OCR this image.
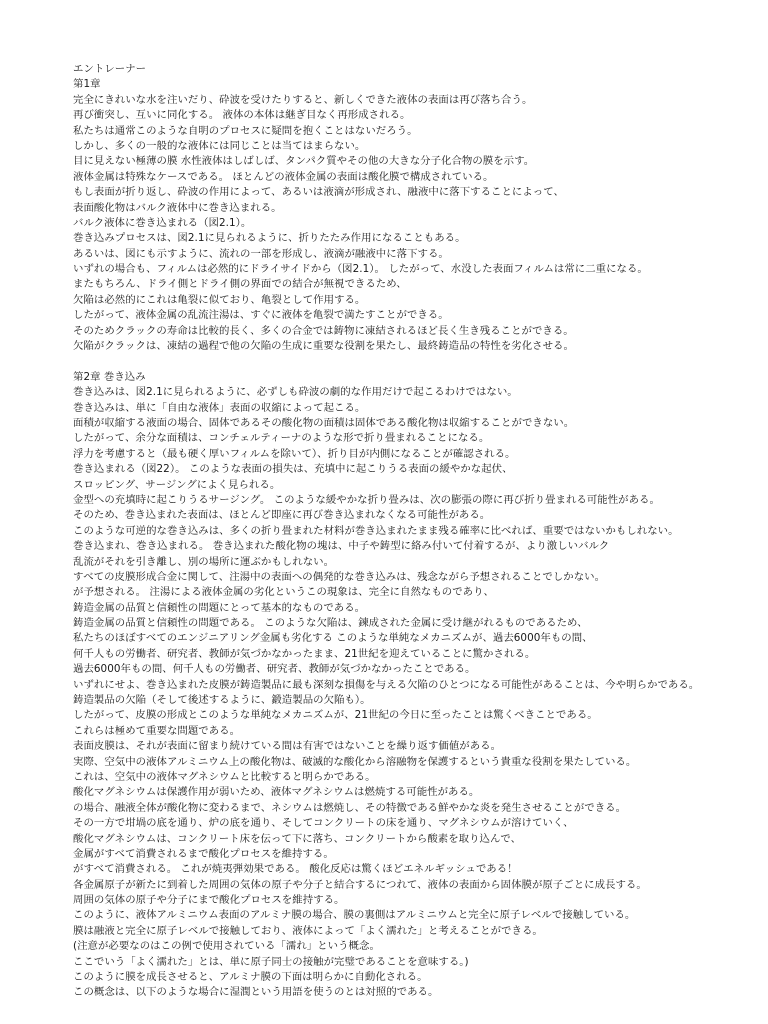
エントレーナー
第1章
完全にきれいな水を注いだり、砕波を受けたりすると、新しくできた液体の表面は再び落ち合う。
再び衝突し、互いに同化する。 液体の本体は継ぎ目なく再形成される。
私たちは通常このような自明のプロセスに疑問を抱くことはないだろう。
しかし、多くの一般的な液体には同じことは当てはまらない。
目に見えない極薄の膜 水性液体はしばしば、タンパク質やその他の大きな分子化合物の膜を示す。
液体金属は特殊なケースである。 ほとんどの液体金属の表面は酸化膜で構成されている。
もし表面が折り返し、砕波の作用によって、あるいは液滴が形成され、融液中に落下することによって、
表面酸化物はバルク液体中に巻き込まれる。
バルク液体に巻き込まれる（図2.1）。
巻き込みプロセスは、図2.1に見られるように、折りたたみ作用になることもある。
あるいは、図にも示すように、流れの一部を形成し、液滴が融液中に落下する。
いずれの場合も、フィルムは必然的にドライサイドから（図2.1）。 したがって、水没した表面フィルムは常に二重になる。
またもちろん、ドライ側とドライ側の界面での結合が無視できるため、
欠陥は必然的にこれは亀裂に似ており、亀裂として作用する。
したがって、液体金属の乱流注湯は、すぐに液体を亀裂で満たすことができる。
そのためクラックの寿命は比較的長く、多くの合金では鋳物に凍結されるほど長く生き残ることができる。
欠陥がクラックは、凍結の過程で他の欠陥の生成に重要な役割を果たし、最終鋳造品の特性を劣化させる。
第2章 巻き込み
巻き込みは、図2.1に見られるように、必ずしも砕波の劇的な作用だけで起こるわけではない。
巻き込みは、単に「自由な液体」表面の収縮によって起こる。
面積が収縮する液面の場合、固体であるその酸化物の面積は固体である酸化物は収縮することができない。
したがって、余分な面積は、コンチェルティーナのような形で折り畳まれることになる。
浮力を考慮すると（最も硬く厚いフィルムを除いて）、折り目が内側になることが確認される。
巻き込まれる（図22）。 このような表面の損失は、充填中に起こりうる表面の緩やかな起伏、
スロッピング、サージングによく見られる。
金型への充填時に起こりうるサージング。 このような緩やかな折り畳みは、次の膨張の際に再び折り畳まれる可能性がある。
そのため、巻き込まれた表面は、ほとんど即座に再び巻き込まれなくなる可能性がある。
このような可逆的な巻き込みは、多くの折り畳まれた材料が巻き込まれたまま残る確率に比べれば、重要ではないかもしれない。
巻き込まれ、巻き込まれる。 巻き込まれた酸化物の塊は、中子や鋳型に絡み付いて付着するが、より激しいバルク
乱流がそれを引き離し、別の場所に運ぶかもしれない。
すべての皮膜形成合金に関して、注湯中の表面への偶発的な巻き込みは、残念ながら予想されることでしかない。
が予想される。 注湯による液体金属の劣化というこの現象は、完全に自然なものであり、
鋳造金属の品質と信頼性の問題にとって基本的なものである。
鋳造金属の品質と信頼性の問題である。 このような欠陥は、鍊成された金属に受け継がれるものであるため、
私たちのほぼすべてのエンジニアリング金属も劣化する このような単純なメカニズムが、過去6000年もの間、
何千人もの労働者、研究者、教師が気づかなかったまま、21世紀を迎えていることに驚かされる。
過去6000年もの間、何千人もの労働者、研究者、教師が気づかなかったことである。
いずれにせよ、巻き込まれた皮膜が鋳造製品に最も深刻な損傷を与える欠陥のひとつになる可能性があることは、今や明らかである。
鋳造製品の欠陥（そして後述するように、鍛造製品の欠陥も）。
したがって、皮膜の形成とこのような単純なメカニズムが、21世紀の今日に至ったことは驚くべきことである。
これらは極めて重要な問題である。
表面皮膜は、それが表面に留まり続けている間は有害ではないことを繰り返す価値がある。
実際、空気中の液体アルミニウム上の酸化物は、破滅的な酸化から溶融物を保護するという貴重な役割を果たしている。
これは、空気中の液体マグネシウムと比較すると明らかである。
酸化マグネシウムは保護作用が弱いため、液体マグネシウムは燃焼する可能性がある。
の場合、融液全体が酸化物に変わるまで、ネシウムは燃焼し、その特徴である鮮やかな炎を発生させることができる。
その一方で坩堝の底を通り、炉の底を通り、そしてコンクリートの床を通り、マグネシウムが溶けていく、
酸化マグネシウムは、コンクリート床を伝って下に落ち、コンクリートから酸素を取り込んで、
金属がすべて消費されるまで酸化プロセスを維持する。
がすべて消費される。 これが焼夷弾効果である。 酸化反応は驚くほどエネルギッシュである！
各金属原子が新たに到着した周囲の気体の原子や分子と結合するにつれて、液体の表面から固体膜が原子ごとに成長する。
周囲の気体の原子や分子にまで酸化プロセスを維持する。
このように、液体アルミニウム表面のアルミナ膜の場合、膜の裏側はアルミニウムと完全に原子レベルで接触している。
膜は融液と完全に原子レベルで接触しており、液体によって「よく濡れた」と考えることができる。
(注意が必要なのはこの例で使用されている「濡れ」という概念。
ここでいう「よく濡れた」とは、単に原子同士の接触が完璧であることを意味する。)
このように膜を成長させると、アルミナ膜の下面は明らかに自動化される。
この概念は、以下のような場合に湿潤という用語を使うのとは対照的である。
